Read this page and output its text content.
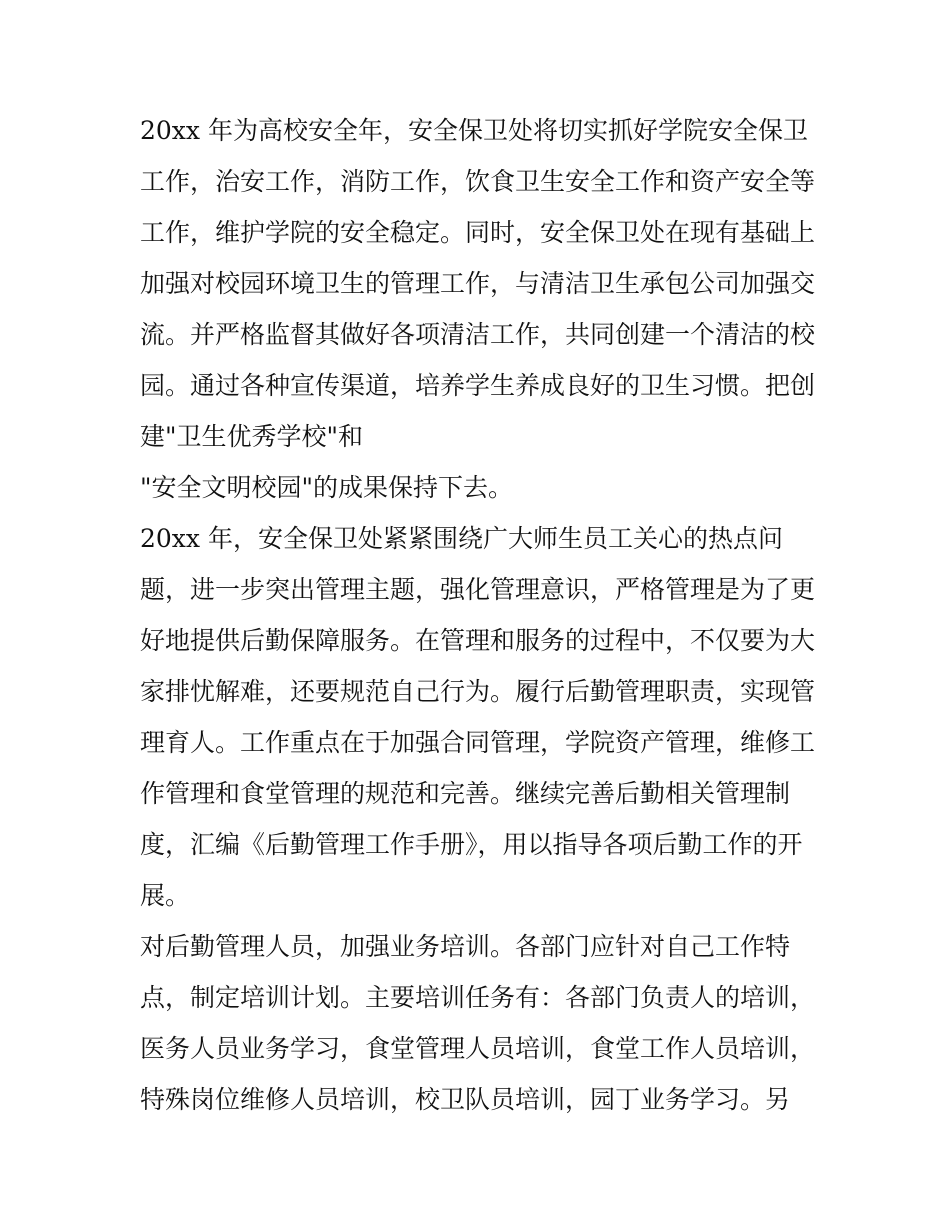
20xx 年为高校安全年，安全保卫处将切实抓好学院安全保卫
工作，治安工作，消防工作，饮食卫生安全工作和资产安全等
工作，维护学院的安全稳定。同时，安全保卫处在现有基础上
加强对校园环境卫生的管理工作，与清洁卫生承包公司加强交
流。并严格监督其做好各项清洁工作，共同创建一个清洁的校
园。通过各种宣传渠道，培养学生养成良好的卫生习惯。把创
建"卫生优秀学校"和
"安全文明校园"的成果保持下去。
20xx 年，安全保卫处紧紧围绕广大师生员工关心的热点问
题，进一步突出管理主题，强化管理意识，严格管理是为了更
好地提供后勤保障服务。在管理和服务的过程中，不仅要为大
家排忧解难，还要规范自己行为。履行后勤管理职责，实现管
理育人。工作重点在于加强合同管理，学院资产管理，维修工
作管理和食堂管理的规范和完善。继续完善后勤相关管理制
度，汇编《后勤管理工作手册》，用以指导各项后勤工作的开
展。
对后勤管理人员，加强业务培训。各部门应针对自己工作特
点，制定培训计划。主要培训任务有：各部门负责人的培训，
医务人员业务学习，食堂管理人员培训，食堂工作人员培训，
特殊岗位维修人员培训，校卫队员培训，园丁业务学习。另
